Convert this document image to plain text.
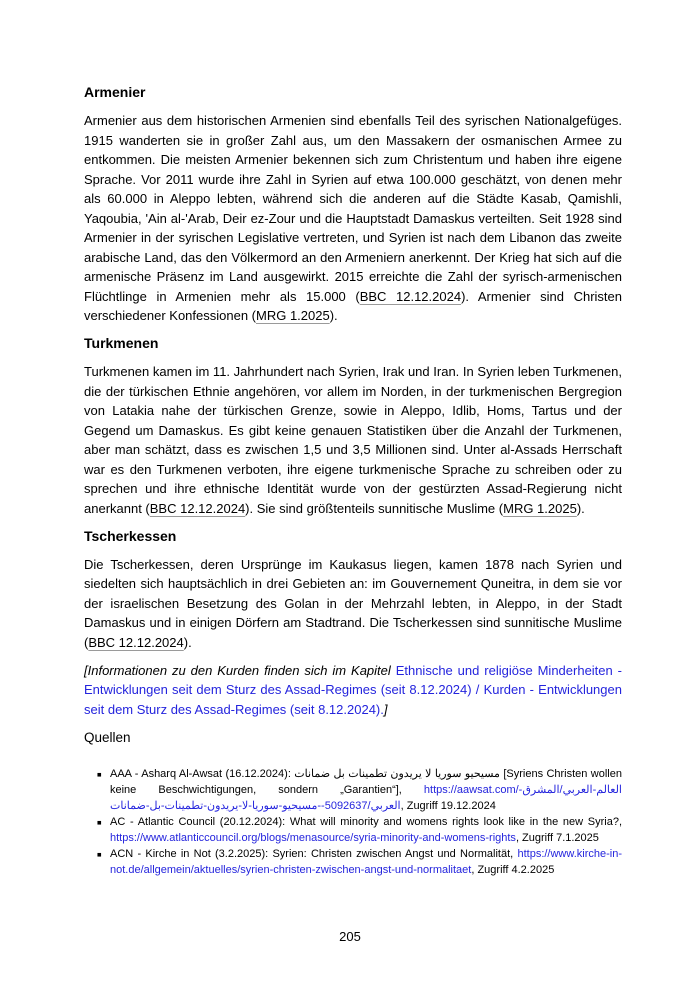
Armenier

Armenier aus dem historischen Armenien sind ebenfalls Teil des syrischen Nationalgefüges. 1915 wanderten sie in großer Zahl aus, um den Massakern der osmanischen Armee zu entkommen. Die meisten Armenier bekennen sich zum Christentum und haben ihre eigene Sprache. Vor 2011 wurde ihre Zahl in Syrien auf etwa 100.000 geschätzt, von denen mehr als 60.000 in Aleppo lebten, während sich die anderen auf die Städte Kasab, Qamishli, Yaqoubia, 'Ain al-'Arab, Deir ez-Zour und die Hauptstadt Damaskus verteilten. Seit 1928 sind Armenier in der syrischen Legislative vertreten, und Syrien ist nach dem Libanon das zweite arabische Land, das den Völkermord an den Armeniern anerkennt. Der Krieg hat sich auf die armenische Präsenz im Land ausgewirkt. 2015 erreichte die Zahl der syrisch-armenischen Flüchtlinge in Armenien mehr als 15.000 (BBC 12.12.2024). Armenier sind Christen verschiedener Konfessionen (MRG 1.2025).

Turkmenen

Turkmenen kamen im 11. Jahrhundert nach Syrien, Irak und Iran. In Syrien leben Turkmenen, die der türkischen Ethnie angehören, vor allem im Norden, in der turkmenischen Bergregion von Latakia nahe der türkischen Grenze, sowie in Aleppo, Idlib, Homs, Tartus und der Gegend um Damaskus. Es gibt keine genauen Statistiken über die Anzahl der Turkmenen, aber man schätzt, dass es zwischen 1,5 und 3,5 Millionen sind. Unter al-Assads Herrschaft war es den Turkmenen verboten, ihre eigene turkmenische Sprache zu schreiben oder zu sprechen und ihre ethnische Identität wurde von der gestürzten Assad-Regierung nicht anerkannt (BBC 12.12.2024). Sie sind größtenteils sunnitische Muslime (MRG 1.2025).

Tscherkessen

Die Tscherkessen, deren Ursprünge im Kaukasus liegen, kamen 1878 nach Syrien und siedelten sich hauptsächlich in drei Gebieten an: im Gouvernement Quneitra, in dem sie vor der israelischen Besetzung des Golan in der Mehrzahl lebten, in Aleppo, in der Stadt Damaskus und in einigen Dörfern am Stadtrand. Die Tscherkessen sind sunnitische Muslime (BBC 12.12.2024).

[Informationen zu den Kurden finden sich im Kapitel Ethnische und religiöse Minderheiten - Entwicklungen seit dem Sturz des Assad-Regimes (seit 8.12.2024) / Kurden - Entwicklungen seit dem Sturz des Assad-Regimes (seit 8.12.2024).]

Quellen

■ AAA - Asharq Al-Awsat (16.12.2024): مسيحيو سوريا لا يريدون تطمينات بل ضمانات [Syriens Christen wollen keine Beschwichtigungen, sondern „Garantien“], https://aawsat.com/العالم-العربي/المشرق-العربي/5092637--مسيحيو-سوريا-لا-يريدون-تطمينات-بل-ضمانات, Zugriff 19.12.2024
■ AC - Atlantic Council (20.12.2024): What will minority and womens rights look like in the new Syria?, https://www.atlanticcouncil.org/blogs/menasource/syria-minority-and-womens-rights, Zugriff 7.1.2025
■ ACN - Kirche in Not (3.2.2025): Syrien: Christen zwischen Angst und Normalität, https://www.kirche-in-not.de/allgemein/aktuelles/syrien-christen-zwischen-angst-und-normalitaet, Zugriff 4.2.2025
205
